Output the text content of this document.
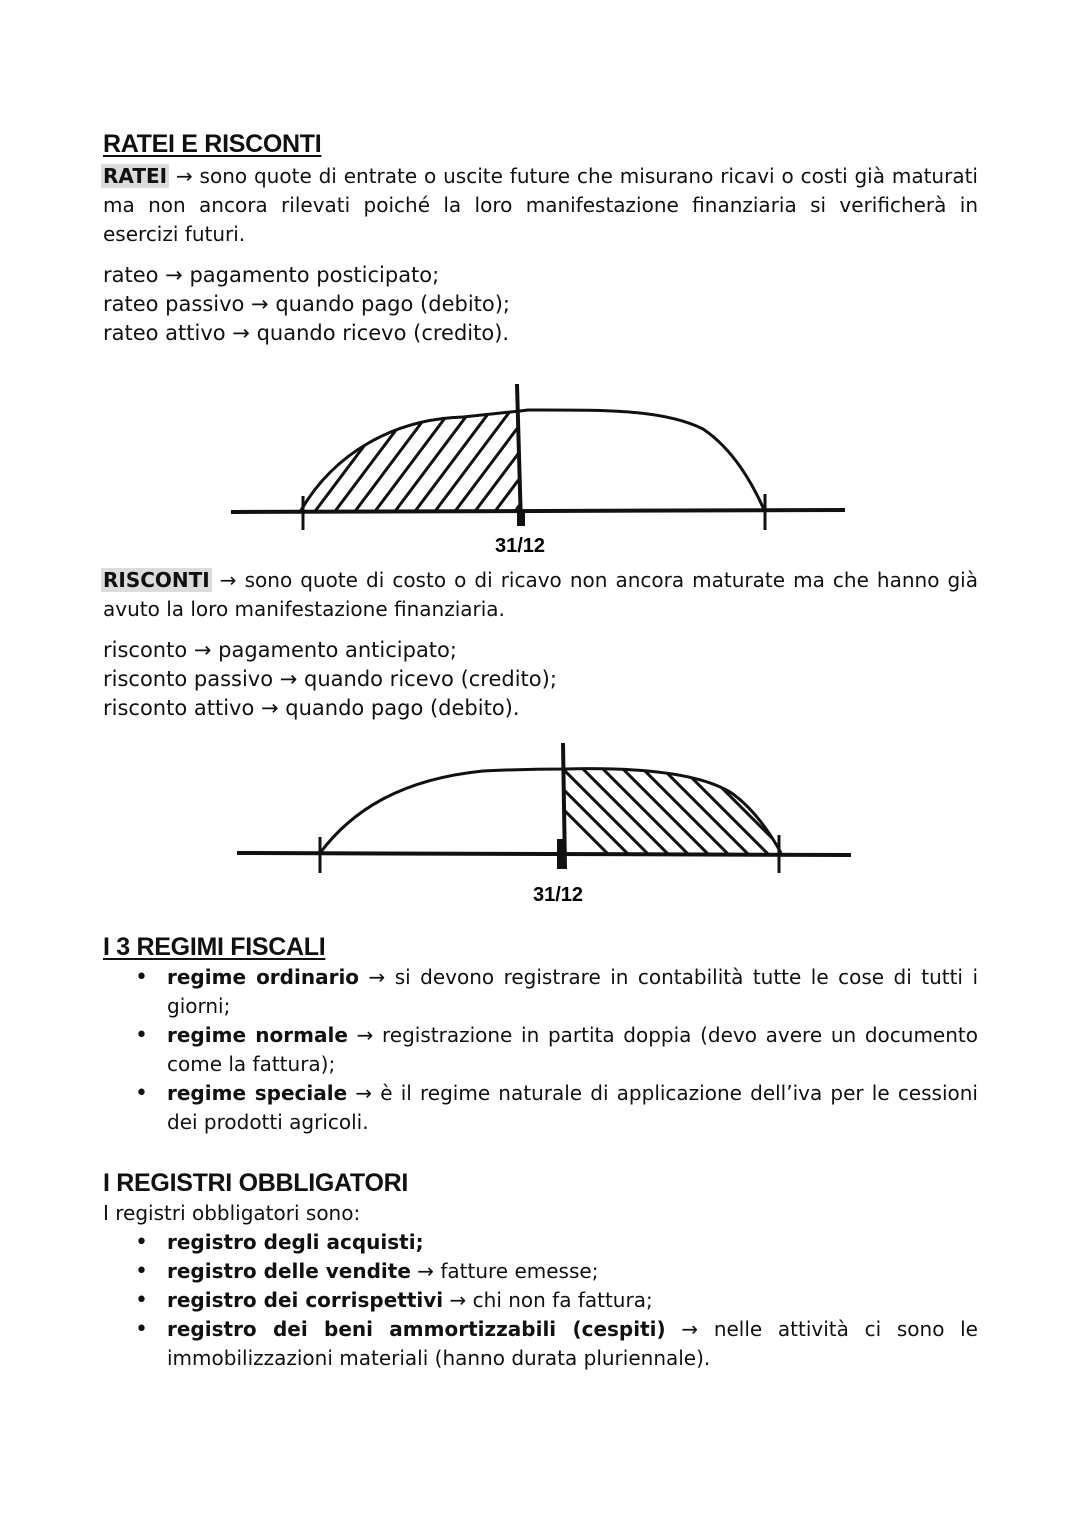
RATEI E RISCONTI

RATEI → sono quote di entrate o uscite future che misurano ricavi o costi già maturati ma non ancora rilevati poiché la loro manifestazione finanziaria si verificherà in esercizi futuri.

rateo → pagamento posticipato;

rateo passivo → quando pago (debito);

rateo attivo → quando ricevo (credito).

31/12

RISCONTI → sono quote di costo o di ricavo non ancora maturate ma che hanno già avuto la loro manifestazione finanziaria.

risconto → pagamento anticipato;

risconto passivo → quando ricevo (credito);

risconto attivo → quando pago (debito).

31/12
I 3 REGIMI FISCALI
• regime ordinario → si devono registrare in contabilità tutte le cose di tutti i giorni;
• regime normale → registrazione in partita doppia (devo avere un documento come la fattura);
• regime speciale → è il regime naturale di applicazione dell’iva per le cessioni dei prodotti agricoli.
I REGISTRI OBBLIGATORI

I registri obbligatori sono:

• registro degli acquisti;
• registro delle vendite → fatture emesse;
• registro dei corrispettivi → chi non fa fattura;
• registro dei beni ammortizzabili (cespiti) → nelle attività ci sono le immobilizzazioni materiali (hanno durata pluriennale).
